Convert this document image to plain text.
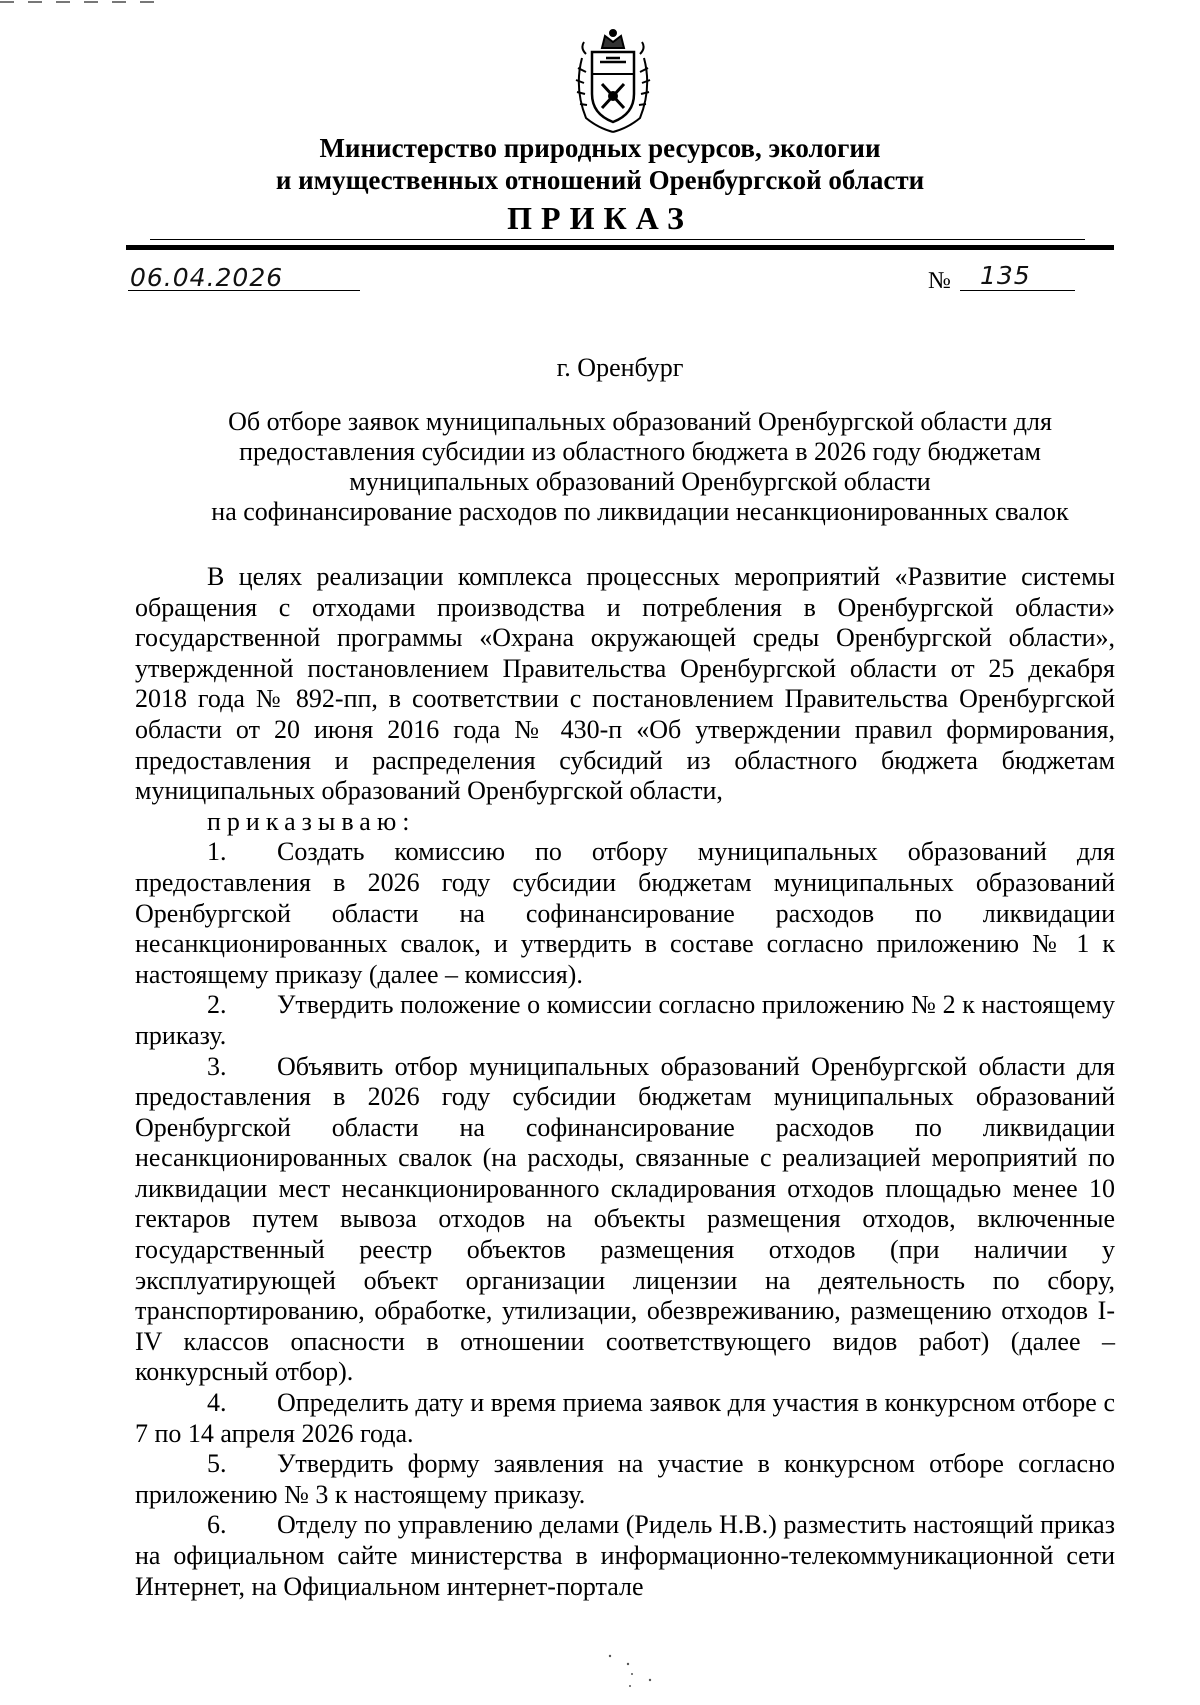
Министерство природных ресурсов, экологии
и имущественных отношений Оренбургской области
ПРИКАЗ
06.04.2026	№ 135
г. Оренбург
Об отборе заявок муниципальных образований Оренбургской области для
предоставления субсидии из областного бюджета в 2026 году бюджетам
муниципальных образований Оренбургской области
на софинансирование расходов по ликвидации несанкционированных свалок

В целях реализации комплекса процессных мероприятий «Развитие системы обращения с отходами производства и потребления в Оренбургской области» государственной программы «Охрана окружающей среды Оренбургской области», утвержденной постановлением Правительства Оренбургской области от 25 декабря 2018 года № 892-пп, в соответствии с постановлением Правительства Оренбургской области от 20 июня 2016 года № 430-п «Об утверждении правил формирования, предоставления и распределения субсидий из областного бюджета бюджетам муниципальных образований Оренбургской области,

приказываю:

1. Создать комиссию по отбору муниципальных образований для предоставления в 2026 году субсидии бюджетам муниципальных образований Оренбургской области на софинансирование расходов по ликвидации несанкционированных свалок, и утвердить в составе согласно приложению № 1 к настоящему приказу (далее – комиссия).

2. Утвердить положение о комиссии согласно приложению № 2 к настоящему приказу.

3. Объявить отбор муниципальных образований Оренбургской области для предоставления в 2026 году субсидии бюджетам муниципальных образований Оренбургской области на софинансирование расходов по ликвидации несанкционированных свалок (на расходы, связанные с реализацией мероприятий по ликвидации мест несанкционированного складирования отходов площадью менее 10 гектаров путем вывоза отходов на объекты размещения отходов, включенные государственный реестр объектов размещения отходов (при наличии у эксплуатирующей объект организации лицензии на деятельность по сбору, транспортированию, обработке, утилизации, обезвреживанию, размещению отходов I-IV классов опасности в отношении соответствующего видов работ) (далее – конкурсный отбор).

4. Определить дату и время приема заявок для участия в конкурсном отборе с 7 по 14 апреля 2026 года.

5. Утвердить форму заявления на участие в конкурсном отборе согласно приложению № 3 к настоящему приказу.

6. Отделу по управлению делами (Ридель Н.В.) разместить настоящий приказ на официальном сайте министерства в информационно-телекоммуникационной сети Интернет, на Официальном интернет-портале
